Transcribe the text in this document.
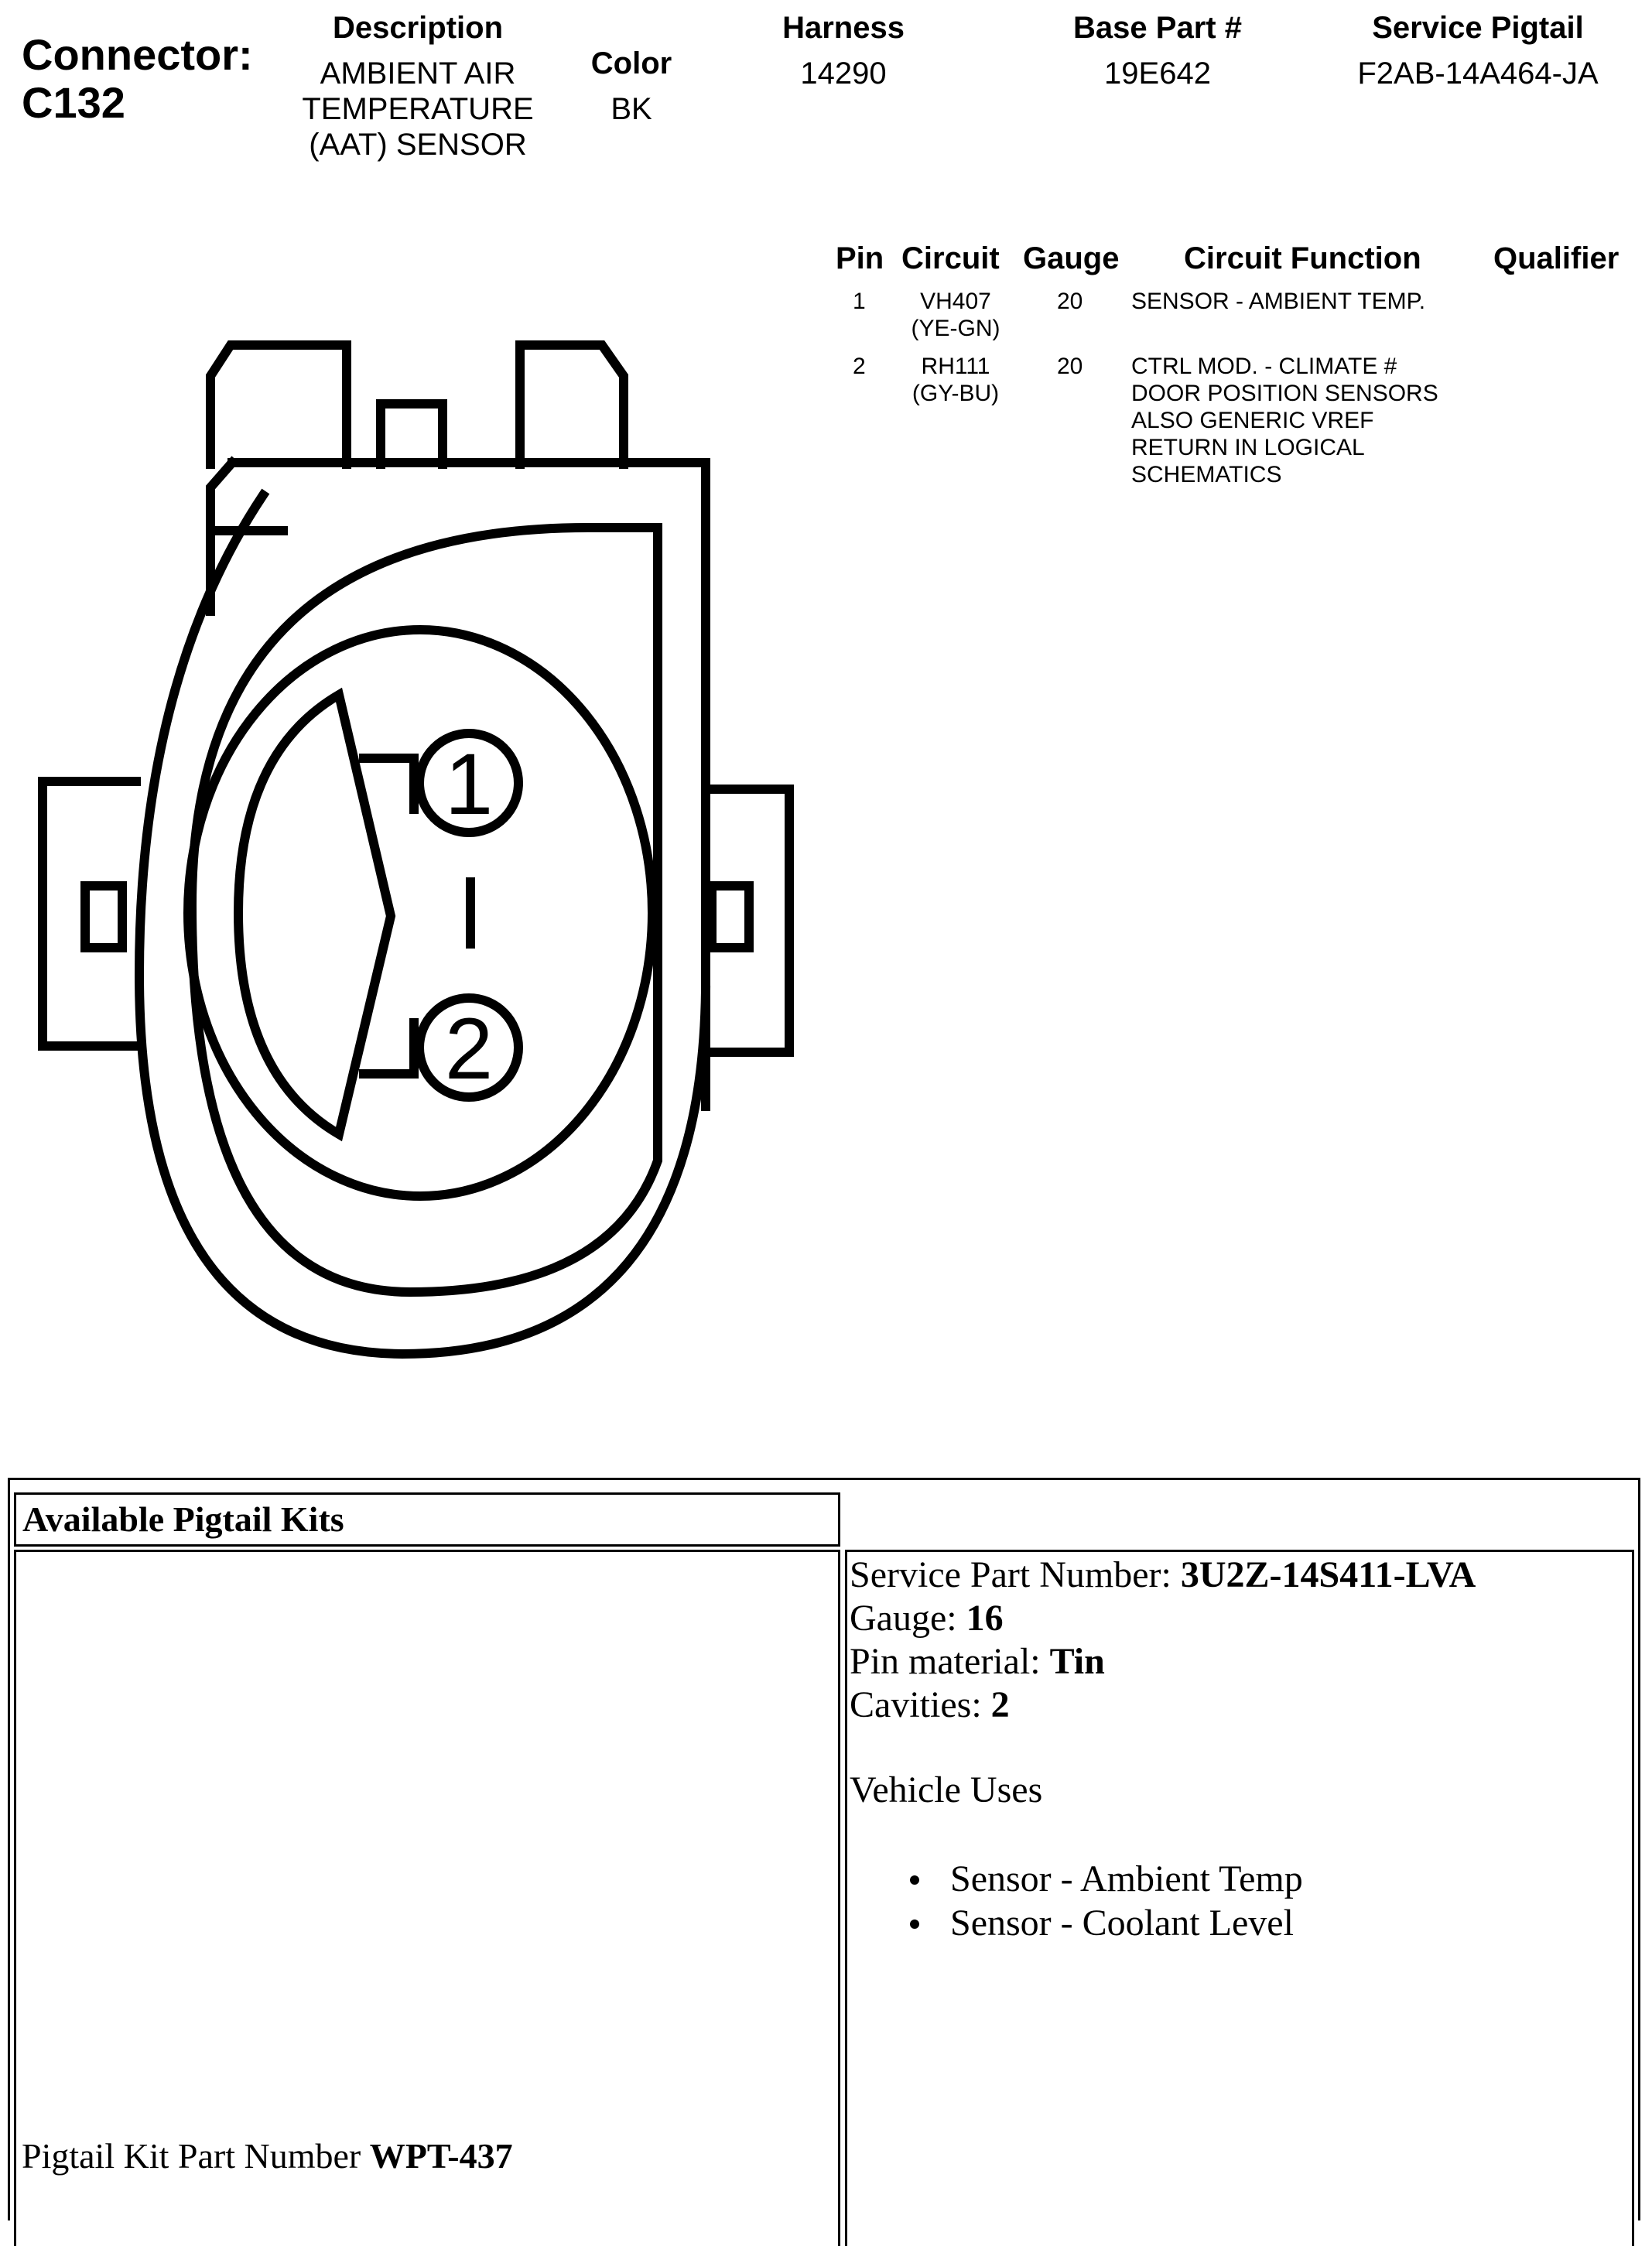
Connector:
C132
Description
AMBIENT AIR
TEMPERATURE
(AAT) SENSOR
Color
BK
Harness
14290
Base Part #
19E642
Service Pigtail
F2AB-14A464-JA
Pin Circuit Gauge Circuit Function Qualifier
1	VH407
(YE-GN)
20 SENSOR - AMBIENT TEMP.
2	RH111
(GY-BU)
20 CTRL MOD. - CLIMATE #
DOOR POSITION SENSORS
ALSO GENERIC VREF
RETURN IN LOGICAL
SCHEMATICS
1
2
Available Pigtail Kits
Pigtail Kit Part Number WPT-437
Service Part Number: 3U2Z-14S411-LVA
Gauge: 16
Pin material: Tin
Cavities: 2
Vehicle Uses
Sensor - Ambient Temp
Sensor - Coolant Level
